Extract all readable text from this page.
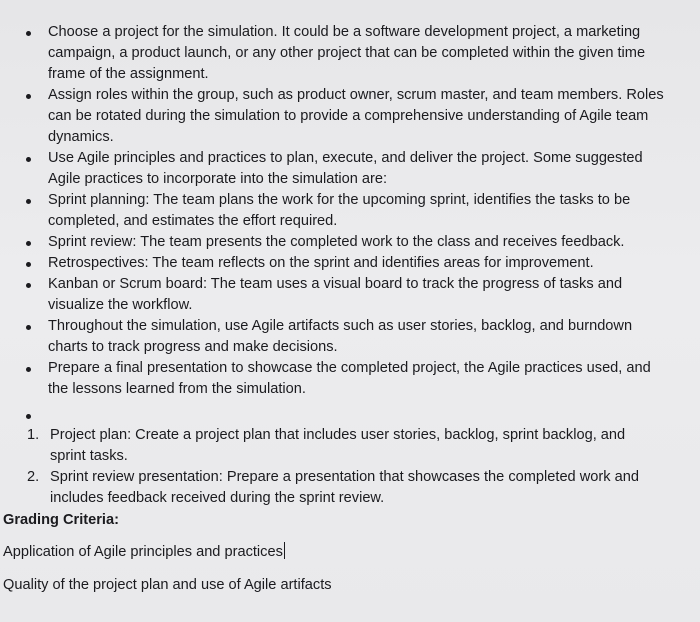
Choose a project for the simulation. It could be a software development project, a marketing campaign, a product launch, or any other project that can be completed within the given time frame of the assignment.
Assign roles within the group, such as product owner, scrum master, and team members. Roles can be rotated during the simulation to provide a comprehensive understanding of Agile team dynamics.
Use Agile principles and practices to plan, execute, and deliver the project. Some suggested Agile practices to incorporate into the simulation are:
Sprint planning: The team plans the work for the upcoming sprint, identifies the tasks to be completed, and estimates the effort required.
Sprint review: The team presents the completed work to the class and receives feedback.
Retrospectives: The team reflects on the sprint and identifies areas for improvement.
Kanban or Scrum board: The team uses a visual board to track the progress of tasks and visualize the workflow.
Throughout the simulation, use Agile artifacts such as user stories, backlog, and burndown charts to track progress and make decisions.
Prepare a final presentation to showcase the completed project, the Agile practices used, and the lessons learned from the simulation.
1. Project plan: Create a project plan that includes user stories, backlog, sprint backlog, and sprint tasks.
2. Sprint review presentation: Prepare a presentation that showcases the completed work and includes feedback received during the sprint review.

Grading Criteria:

Application of Agile principles and practices

Quality of the project plan and use of Agile artifacts
